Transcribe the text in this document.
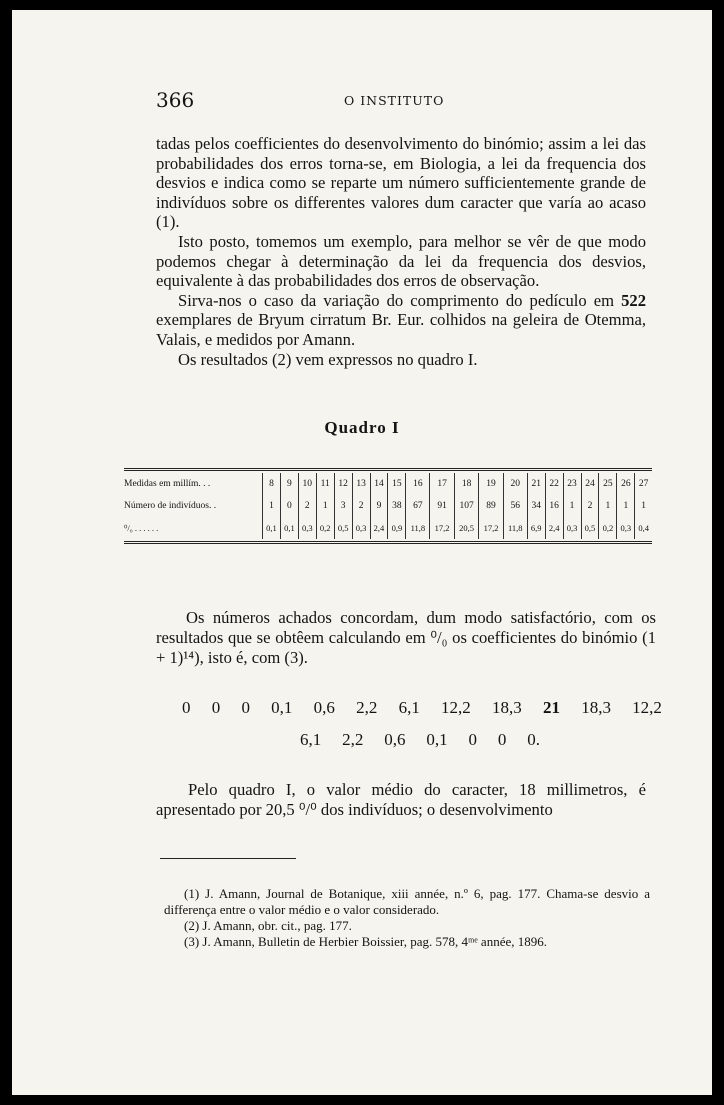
366	O INSTITUTO

tadas pelos coefficientes do desenvolvimento do binómio; assim a lei das probabilidades dos erros torna-se, em Biologia, a lei da frequencia dos desvios e indica como se reparte um número sufficientemente grande de indivíduos sobre os differentes valores dum caracter que varía ao acaso (1).

Isto posto, tomemos um exemplo, para melhor se vêr de que modo podemos chegar à determinação da lei da frequencia dos desvios, equivalente à das probabilidades dos erros de observação.

Sirva-nos o caso da variação do comprimento do pedículo em 522 exemplares de Bryum cirratum Br. Eur. colhidos na geleira de Otemma, Valais, e medidos por Amann.

Os resultados (2) vem expressos no quadro I.

Quadro I
Medidas em millím. . .	8	9	10	11	12	13	14	15	16	17	18	19	20	21	22	23	24	25	26	27
Número de indivíduos. .	1	0	2	1	3	2	9	38	67	91	107	89	56	34	16	1	2	1	1	1
⁰/₀ . . . . . .	0,1	0,1	0,3	0,2	0,5	0,3	2,4	0,9	11,8	17,2	20,5	17,2	11,8	6,9	2,4	0,3	0,5	0,2	0,3	0,4

Os números achados concordam, dum modo satisfactório, com os resultados que se obtêem calculando em ⁰/₀ os coefficientes do binómio (1 + 1)¹⁴), isto é, com (3).

0 0 0 0,1 0,6 2,2 6,1 12,2 18,3 21 18,3 12,2
6,1 2,2 0,6 0,1 0 0 0.

Pelo quadro I, o valor médio do caracter, 18 millimetros, é apresentado por 20,5 ⁰/⁰ dos indivíduos; o desenvolvimento

(1) J. Amann, Journal de Botanique, xiii année, n.º 6, pag. 177. Chama-se desvio a differença entre o valor médio e o valor considerado.

(2) J. Amann, obr. cit., pag. 177.

(3) J. Amann, Bulletin de Herbier Boissier, pag. 578, 4ᵐᵉ année, 1896.
